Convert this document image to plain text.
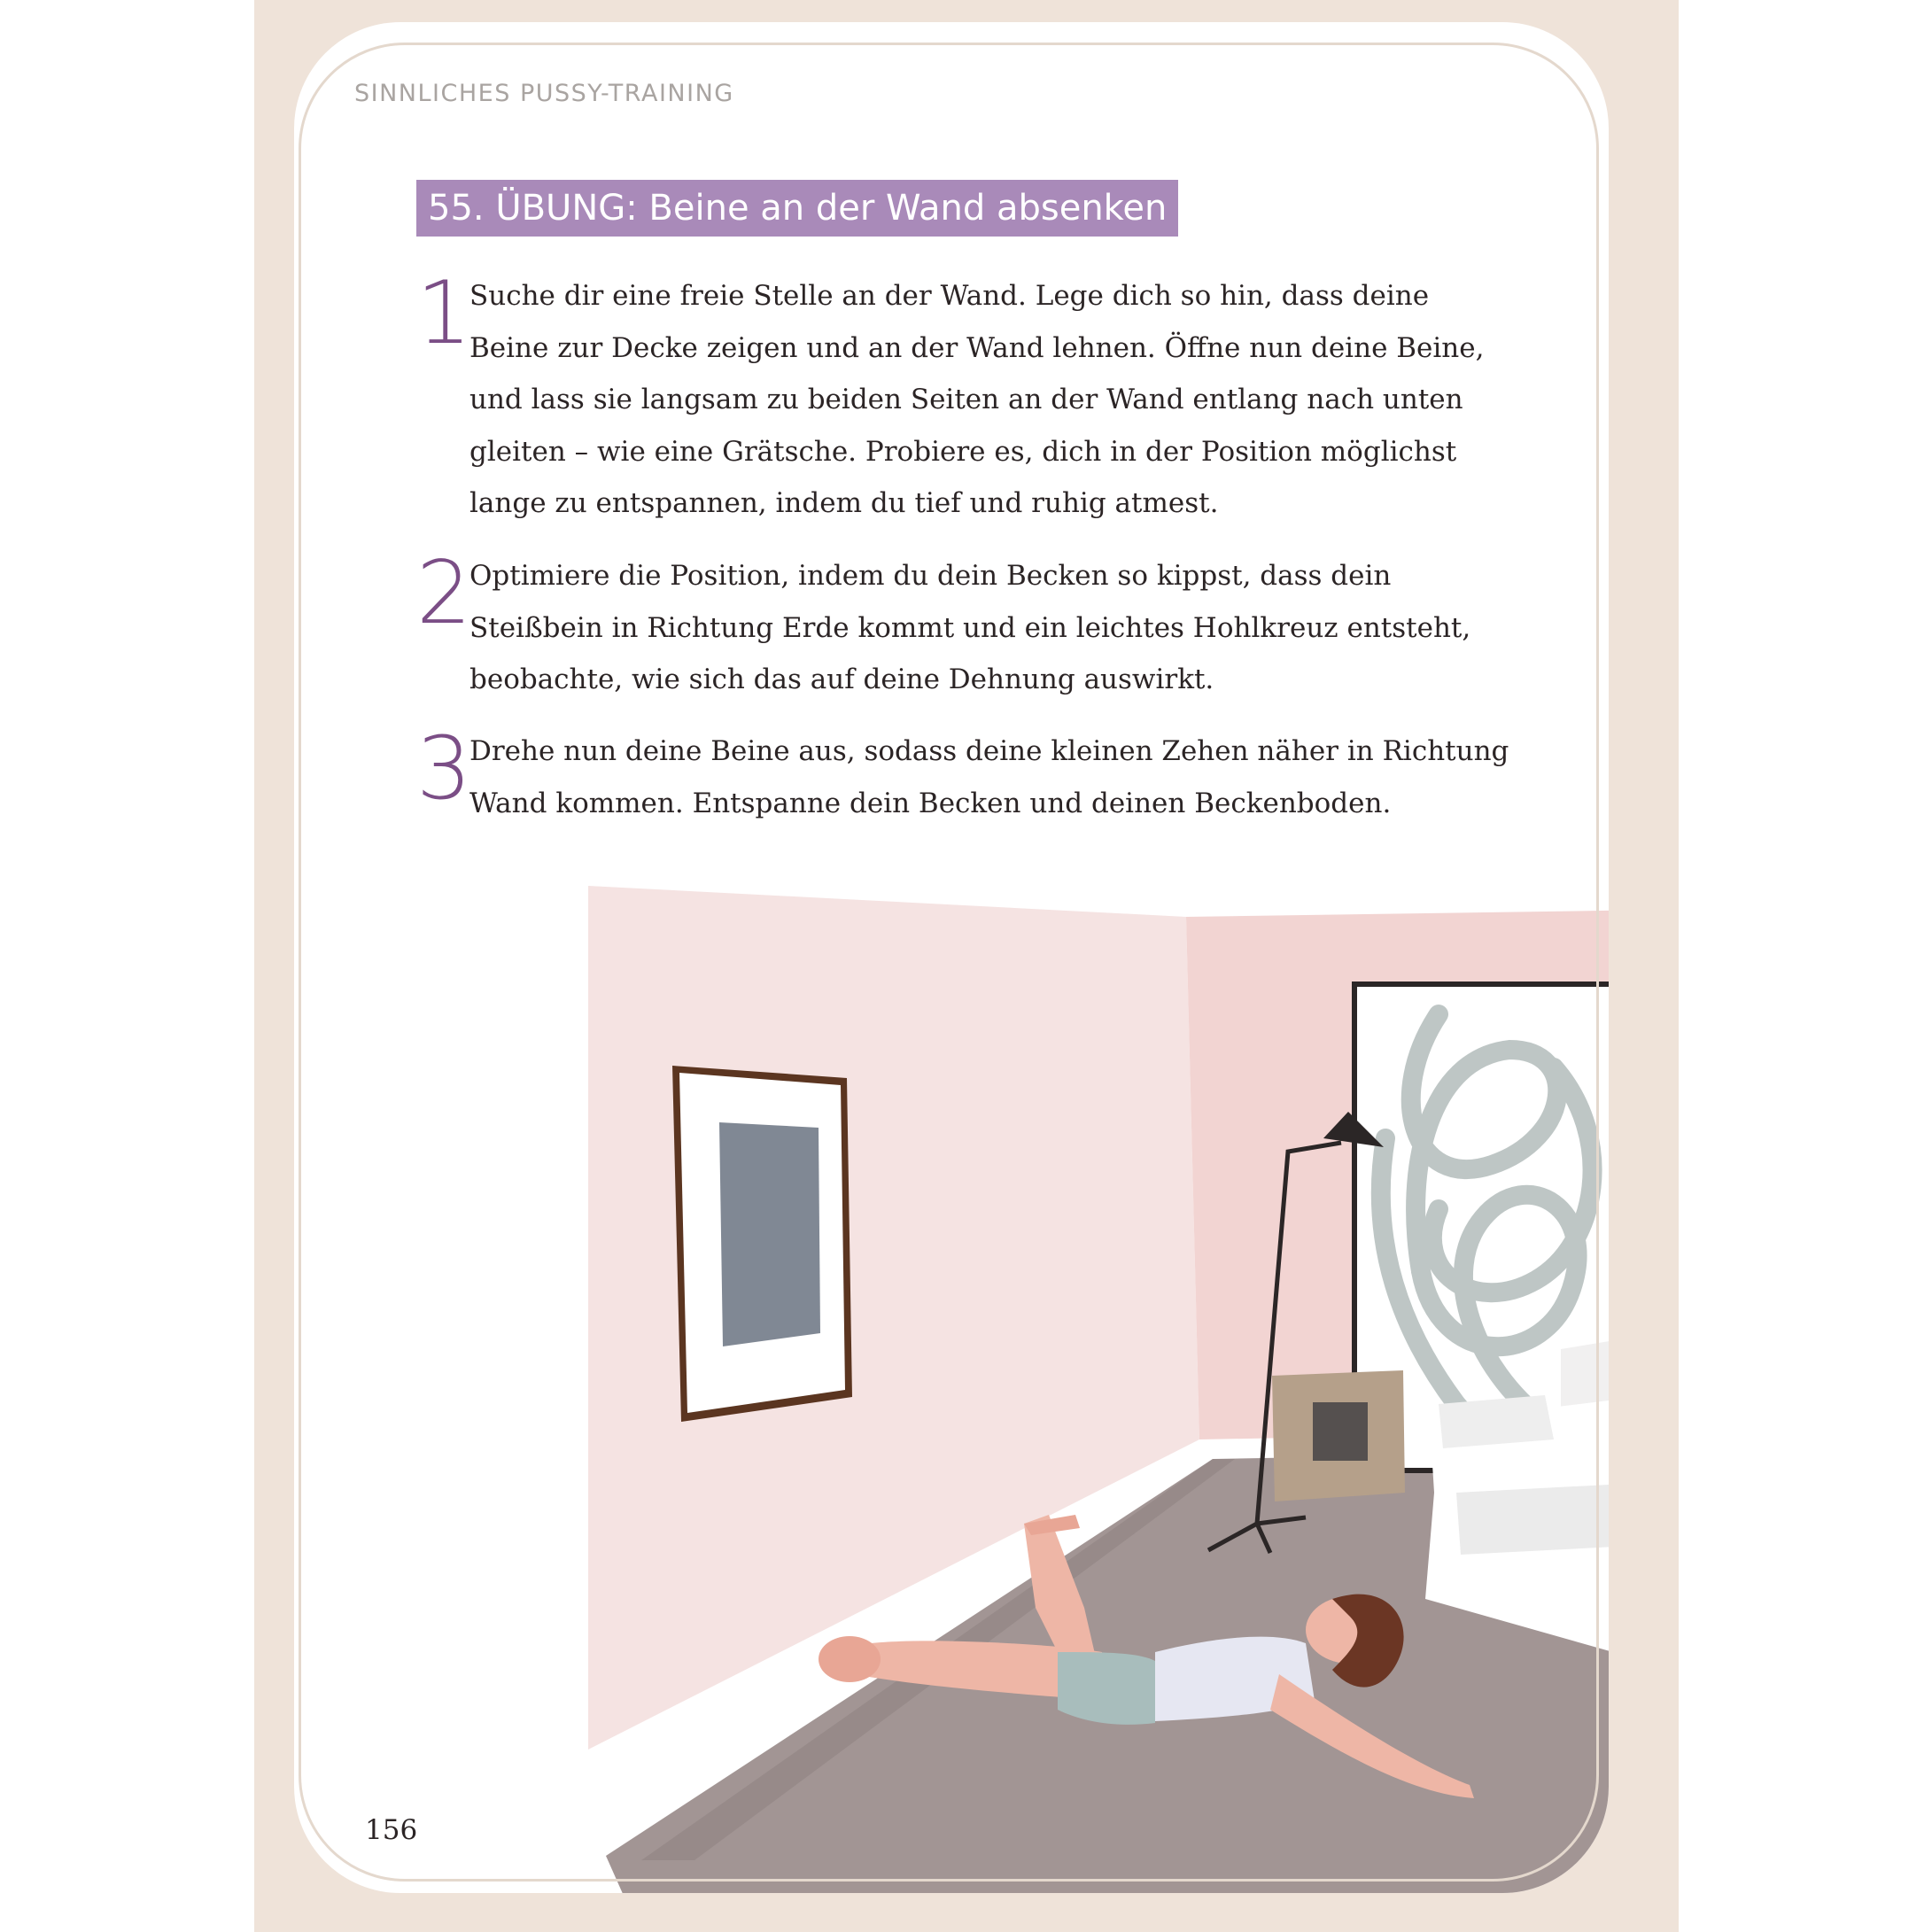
SINNLICHES PUSSY-TRAINING
55. ÜBUNG: Beine an der Wand absenken
1
Suche dir eine freie Stelle an der Wand. Lege dich so hin, dass deine Beine zur Decke zeigen und an der Wand lehnen. Öffne nun deine Beine, und lass sie langsam zu beiden Seiten an der Wand entlang nach unten gleiten – wie eine Grätsche. Probiere es, dich in der Position möglichst lange zu entspannen, indem du tief und ruhig atmest.
2
Optimiere die Position, indem du dein Becken so kippst, dass dein Steißbein in Richtung Erde kommt und ein leichtes Hohlkreuz entsteht, beobachte, wie sich das auf deine Dehnung auswirkt.
3
Drehe nun deine Beine aus, sodass deine kleinen Zehen näher in Richtung Wand kommen. Entspanne dein Becken und deinen Beckenboden.
156
